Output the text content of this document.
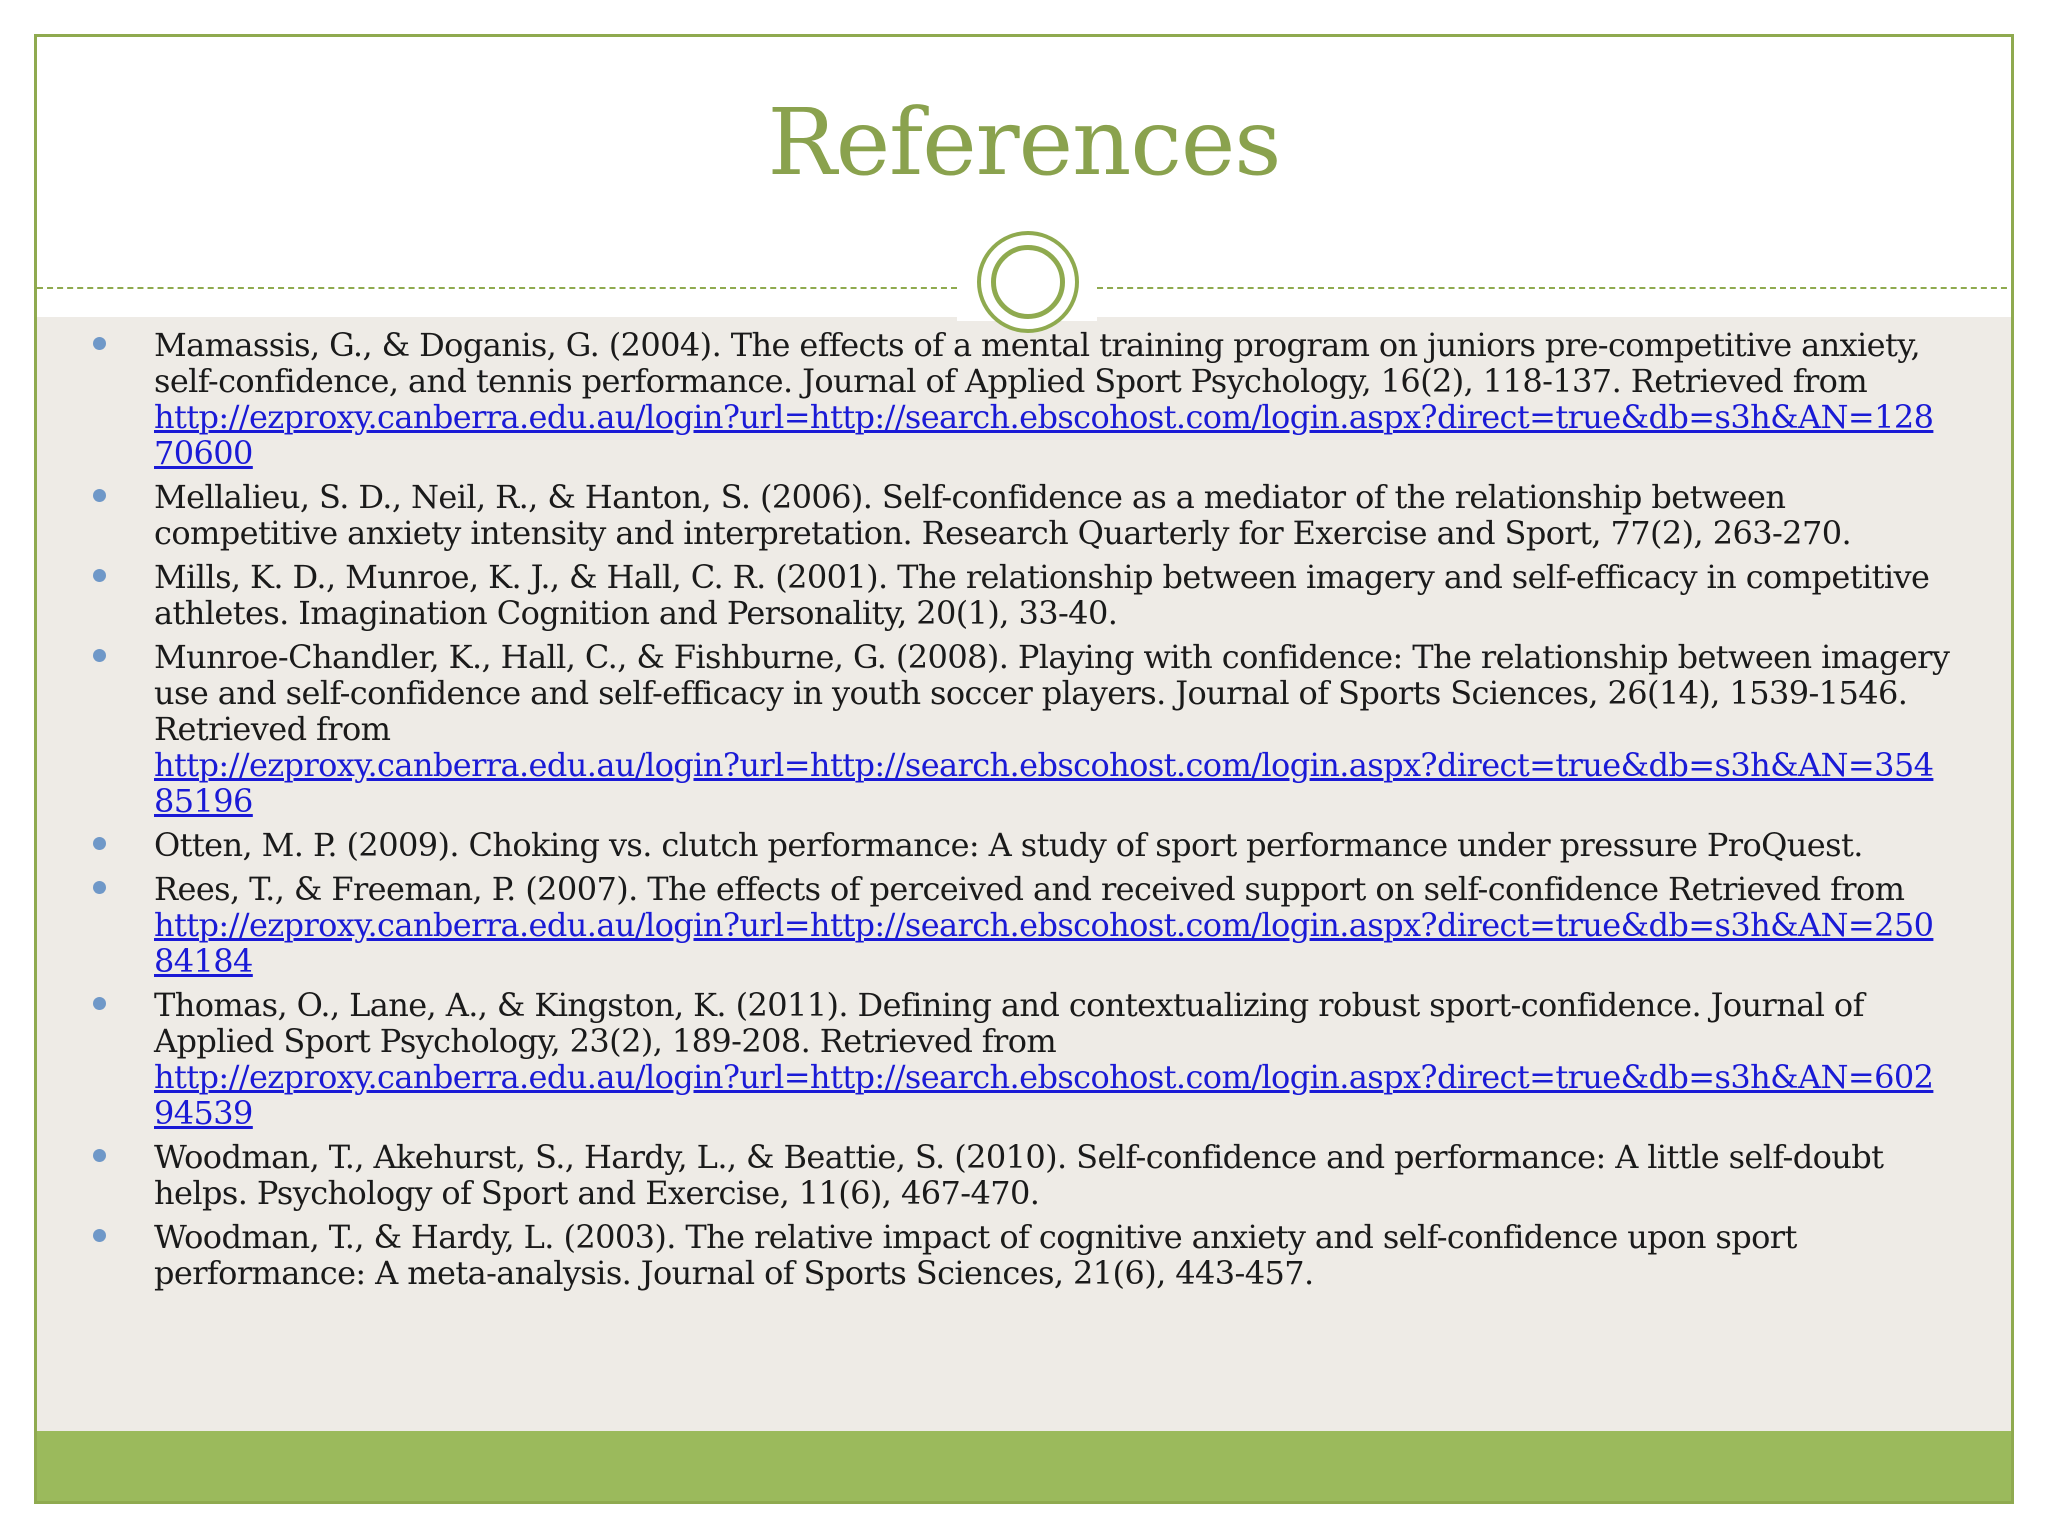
References
Mamassis, G., & Doganis, G. (2004). The effects of a mental training program on juniors pre-competitive anxiety, self-confidence, and tennis performance. Journal of Applied Sport Psychology, 16(2), 118-137. Retrieved from
http://ezproxy.canberra.edu.au/login?url=http://search.ebscohost.com/login.aspx?direct=true&db=s3h&AN=12870600
Mellalieu, S. D., Neil, R., & Hanton, S. (2006). Self-confidence as a mediator of the relationship between competitive anxiety intensity and interpretation. Research Quarterly for Exercise and Sport, 77(2), 263-270.
Mills, K. D., Munroe, K. J., & Hall, C. R. (2001). The relationship between imagery and self-efficacy in competitive athletes. Imagination Cognition and Personality, 20(1), 33-40.
Munroe-Chandler, K., Hall, C., & Fishburne, G. (2008). Playing with confidence: The relationship between imagery use and self-confidence and self-efficacy in youth soccer players. Journal of Sports Sciences, 26(14), 1539-1546. Retrieved from
http://ezproxy.canberra.edu.au/login?url=http://search.ebscohost.com/login.aspx?direct=true&db=s3h&AN=35485196
Otten, M. P. (2009). Choking vs. clutch performance: A study of sport performance under pressure ProQuest.
Rees, T., & Freeman, P. (2007). The effects of perceived and received support on self-confidence Retrieved from
http://ezproxy.canberra.edu.au/login?url=http://search.ebscohost.com/login.aspx?direct=true&db=s3h&AN=25084184
Thomas, O., Lane, A., & Kingston, K. (2011). Defining and contextualizing robust sport-confidence. Journal of Applied Sport Psychology, 23(2), 189-208. Retrieved from
http://ezproxy.canberra.edu.au/login?url=http://search.ebscohost.com/login.aspx?direct=true&db=s3h&AN=60294539
Woodman, T., Akehurst, S., Hardy, L., & Beattie, S. (2010). Self-confidence and performance: A little self-doubt helps. Psychology of Sport and Exercise, 11(6), 467-470.
Woodman, T., & Hardy, L. (2003). The relative impact of cognitive anxiety and self-confidence upon sport performance: A meta-analysis. Journal of Sports Sciences, 21(6), 443-457.
